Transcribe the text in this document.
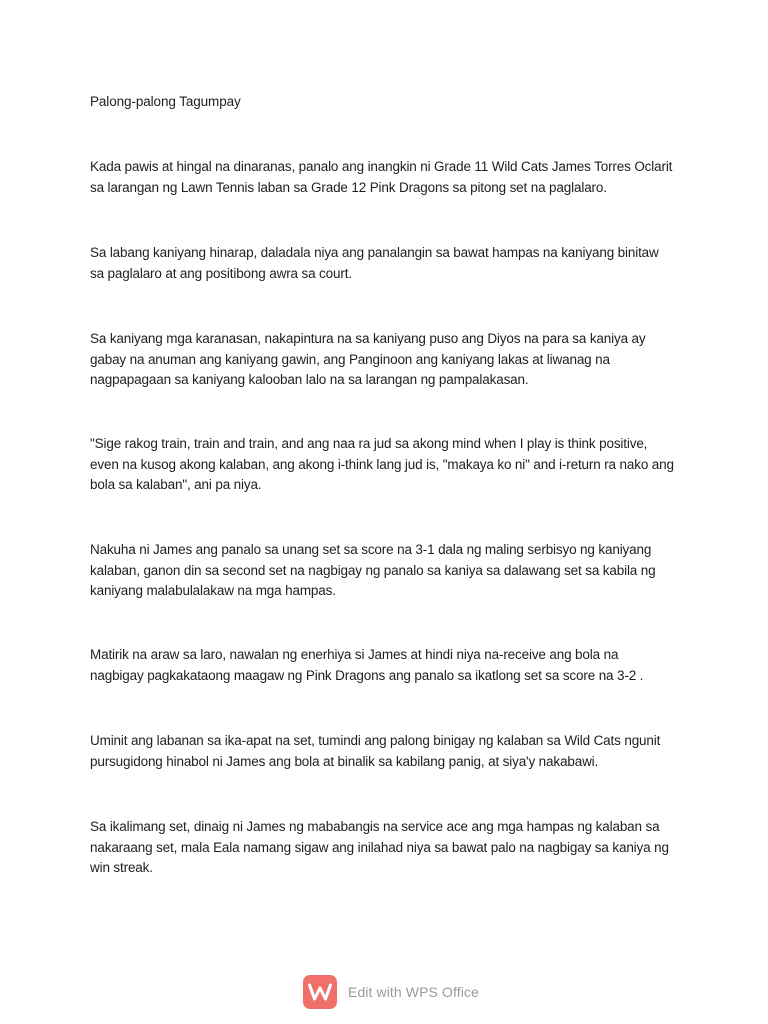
Palong-palong Tagumpay

Kada pawis at hingal na dinaranas, panalo ang inangkin ni Grade 11 Wild Cats James Torres Oclarit
sa larangan ng Lawn Tennis laban sa Grade 12 Pink Dragons sa pitong set na paglalaro.

Sa labang kaniyang hinarap, daladala niya ang panalangin sa bawat hampas na kaniyang binitaw
sa paglalaro at ang positibong awra sa court.

Sa kaniyang mga karanasan, nakapintura na sa kaniyang puso ang Diyos na para sa kaniya ay
gabay na anuman ang kaniyang gawin, ang Panginoon ang kaniyang lakas at liwanag na
nagpapagaan sa kaniyang kalooban lalo na sa larangan ng pampalakasan.

"Sige rakog train, train and train, and ang naa ra jud sa akong mind when I play is think positive,
even na kusog akong kalaban, ang akong i-think lang jud is, "makaya ko ni" and i-return ra nako ang
bola sa kalaban", ani pa niya.

Nakuha ni James ang panalo sa unang set sa score na 3-1 dala ng maling serbisyo ng kaniyang
kalaban, ganon din sa second set na nagbigay ng panalo sa kaniya sa dalawang set sa kabila ng
kaniyang malabulalakaw na mga hampas.

Matirik na araw sa laro, nawalan ng enerhiya si James at hindi niya na-receive ang bola na
nagbigay pagkakataong maagaw ng Pink Dragons ang panalo sa ikatlong set sa score na 3-2 .

Uminit ang labanan sa ika-apat na set, tumindi ang palong binigay ng kalaban sa Wild Cats ngunit
pursugidong hinabol ni James ang bola at binalik sa kabilang panig, at siya'y nakabawi.

Sa ikalimang set, dinaig ni James ng mababangis na service ace ang mga hampas ng kalaban sa
nakaraang set, mala Eala namang sigaw ang inilahad niya sa bawat palo na nagbigay sa kaniya ng
win streak.

Edit with WPS Office
